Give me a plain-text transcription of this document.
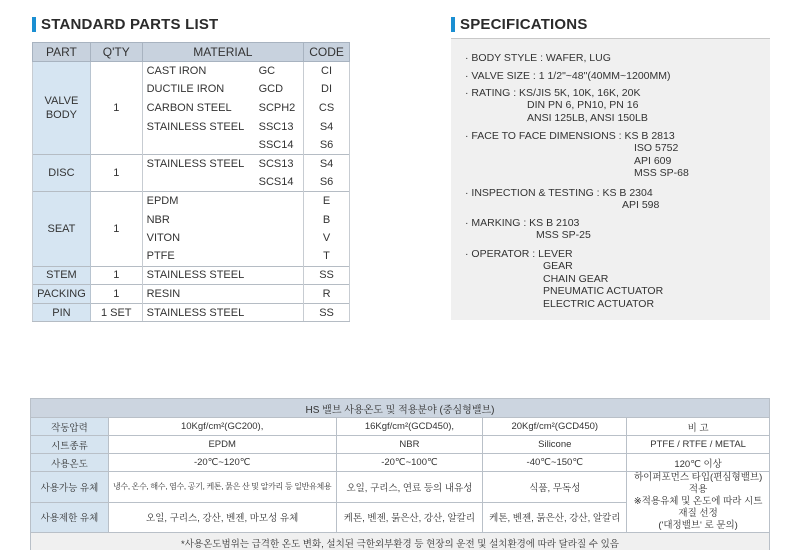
STANDARD PARTS LIST	SPECIFICATIONS
PART	Q'TY	MATERIAL	CODE
VALVE BODY	1	CAST IRON GC	CI
		DUCTILE IRON GCD	DI
		CARBON STEEL SCPH2	CS
		STAINLESS STEEL SSC13	S4
		SSC14	S6
DISC	1	STAINLESS STEEL SCS13	S4
		SCS14	S6
SEAT	1	EPDM	E
		NBR	B
		VITON	V
		PTFE	T
STEM	1	STAINLESS STEEL	SS
PACKING	1	RESIN	R
PIN	1 SET	STAINLESS STEEL	SS
· BODY STYLE : WAFER, LUG
· VALVE SIZE : 1 1/2"~48"(40MM~1200MM)
· RATING : KS/JIS 5K, 10K, 16K, 20K
DIN PN 6, PN10, PN 16
ANSI 125LB, ANSI 150LB
· FACE TO FACE DIMENSIONS : KS B 2813
ISO 5752
API 609
MSS SP-68
· INSPECTION & TESTING : KS B 2304
API 598
· MARKING : KS B 2103
MSS SP-25
· OPERATOR : LEVER
GEAR
CHAIN GEAR
PNEUMATIC ACTUATOR
ELECTRIC ACTUATOR
HS 밸브 사용온도 및 적용분야 (중심형밸브)				
작동압력	10Kgf/cm²(GC200),	16Kgf/cm²(GCD450),	20Kgf/cm²(GCD450)	비 고
시트종류	EPDM	NBR	Silicone	PTFE / RTFE / METAL
사용온도	-20℃~120℃	-20℃~100℃	-40℃~150℃	120℃ 이상
사용가능 유체	냉수, 온수, 해수, 염수, 공기, 케톤, 묽은 산 및 알카리 등 일반유체용	오일, 구리스, 연료 등의 내유성	식품, 무독성	하이퍼포먼스 타입(편심형밸브) 적용
※적용유체 및 온도에 따라 시트재질 선정
('대정밸브' 로 문의)

사용제한 유체	오일, 구리스, 강산, 벤젠, 마모성 유체	케톤, 벤젠, 묽은산, 강산, 알칼리	케톤, 벤젠, 묽은산, 강산, 알칼리	
*사용온도범위는 급격한 온도 변화, 설치된 극한외부환경 등 현장의 운전 및 설치환경에 따라 달라질 수 있음				
